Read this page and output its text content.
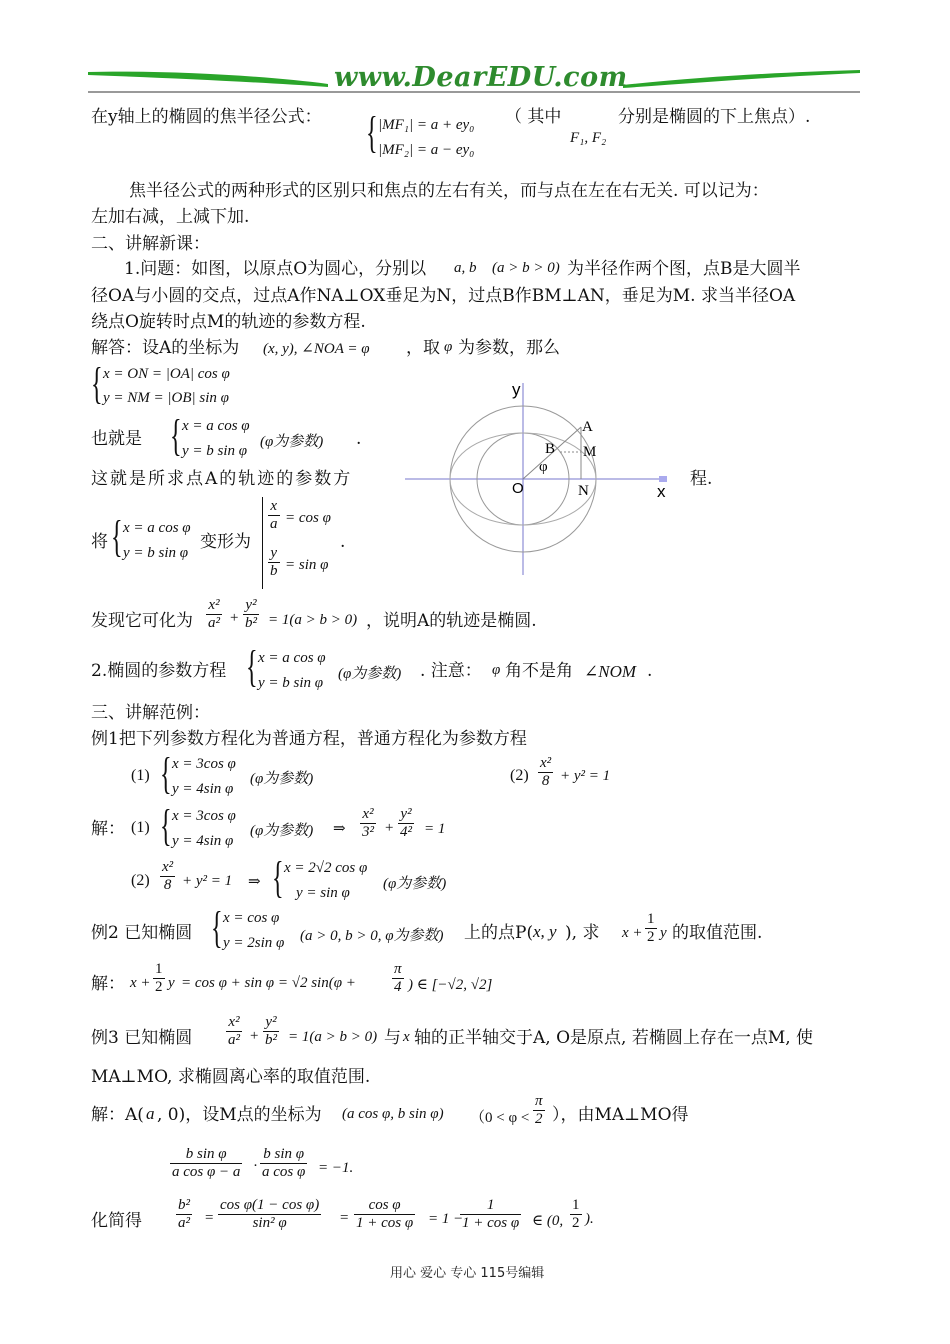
www.DearEDU.com
在y轴上的椭圆的焦半径公式： { |MF₁| = a + ey₀
|MF₂| = a − ey₀
（ 其中
F₁, F₂
分别是椭圆的下上焦点）.
焦半径公式的两种形式的区别只和焦点的左右有关，而与点在左在右无关. 可以记为：
左加右减，上减下加.
二、讲解新课：
1.问题：如图，以原点O为圆心，分别以 a, b (a > b > 0) 为半径作两个图，点B是大圆半
径OA与小圆的交点，过点A作NA⊥OX垂足为N，过点B作BM⊥AN，垂足为M. 求当半径OA
绕点O旋转时点M的轨迹的参数方程.
解答：设A的坐标为 (x, y), ∠NOA = φ ，取 φ 为参数，那么
{ x = ON = |OA| cos φ
y = NM = |OB| sin φ
也就是 { x = a cos φ
y = b sin φ
(φ为参数) .
这就是所求点A的轨迹的参数方	程.
y
x
O
A
B M
N
φ
将 { x = a cos φ
y = b sin φ
变形为
$\frac{x}{a} = \cos \varphi$
$\frac{y}{b} = \sin \varphi$
.
发现它可化为 $\frac{\text{x²}}{\text{a²}} + \frac{\text{y²}}{\text{b²}} = 1(a > b > 0)$ ，说明A的轨迹是椭圆.
2.椭圆的参数方程 { x = a cos φ
y = b sin φ
(φ为参数) . 注意： φ 角不是角 ∠NOM .
三、讲解范例：
例1把下列参数方程化为普通方程，普通方程化为参数方程
(1) { x = 3cos φ
y = 4sin φ
(φ为参数)	$(2) \frac{\text{x²}}{8} + y^2 = 1$
解： (1) { x = 3cos φ
y = 4sin φ
(φ为参数) ⇒ $\frac{\text{x²}}{\text{3²}} + \frac{\text{y²}}{\text{4²}} = 1$
$(2) \frac{\text{x²}}{8} + y^2 = 1$ ⇒ { x = 2√2 cos φ
y = sin φ
(φ为参数)
例2 已知椭圆 { x = cos φ
y = 2sin φ (a > 0, b > 0, φ为参数) 上的点P( x, y ), 求 $x + \frac{1}{2}$ y 的取值范围.
解： $x + \frac{1}{2}$ y = cos φ + sin φ = √2 $\sin(\varphi + \frac{\pi}{4}$ ) ∈ [−√2, √2]
例3 已知椭圆 $\frac{\text{x²}}{\text{a²}} + \frac{\text{y²}}{\text{b²}} = 1(a > b > 0)$ 与 x 轴的正半轴交于A, O是原点, 若椭圆上存在一点M, 使
MA⊥MO, 求椭圆离心率的取值范围.
解：A( a , 0)，设M点的坐标为 (a cos φ, b sin φ) （$0 < \varphi < \frac{\pi}{2}$ ），由MA⊥MO得
$\frac{\text{b sin φ}}{\text{a cos φ − a}} \cdot \frac{\text{b sin φ}}{\text{a cos φ}} = -1$.
化简得 $\frac{\text{b²}}{\text{a²}} = \frac{\text{cos φ(1 − cos φ)}}{\text{sin² φ}} = \frac{\text{cos φ}}{\text{1 + cos φ}} = 1$ −
$\frac{1}{\text{1 + cos φ}}$ ∈ (0, $\frac{1}{2}$ ).
用心 爱心 专心 115号编辑
